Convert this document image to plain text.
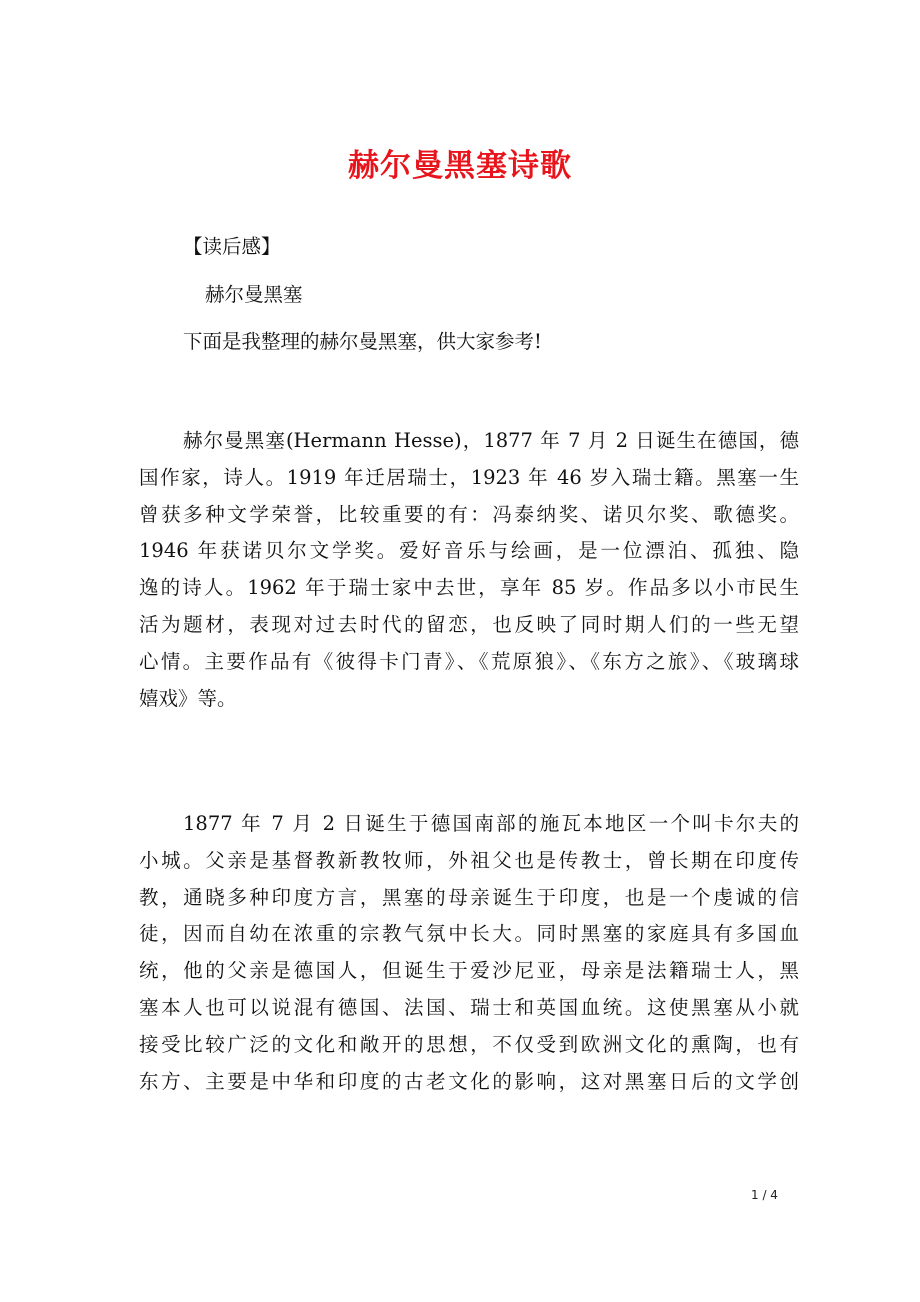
赫尔曼黑塞诗歌
【读后感】
赫尔曼黑塞
下面是我整理的赫尔曼黑塞，供大家参考!
赫尔曼黑塞(Hermann Hesse)，1877 年 7 月 2 日诞生在德国，德
国作家，诗人。1919 年迁居瑞士，1923 年 46 岁入瑞士籍。黑塞一生
曾获多种文学荣誉，比较重要的有：冯泰纳奖、诺贝尔奖、歌德奖。
1946 年获诺贝尔文学奖。爱好音乐与绘画，是一位漂泊、孤独、隐
逸的诗人。1962 年于瑞士家中去世，享年 85 岁。作品多以小市民生
活为题材，表现对过去时代的留恋，也反映了同时期人们的一些无望
心情。主要作品有《彼得卡门青》、《荒原狼》、《东方之旅》、《玻璃球
嬉戏》等。
1877 年 7 月 2 日诞生于德国南部的施瓦本地区一个叫卡尔夫的
小城。父亲是基督教新教牧师，外祖父也是传教士，曾长期在印度传
教，通晓多种印度方言，黑塞的母亲诞生于印度，也是一个虔诚的信
徒，因而自幼在浓重的宗教气氛中长大。同时黑塞的家庭具有多国血
统，他的父亲是德国人，但诞生于爱沙尼亚，母亲是法籍瑞士人，黑
塞本人也可以说混有德国、法国、瑞士和英国血统。这使黑塞从小就
接受比较广泛的文化和敞开的思想，不仅受到欧洲文化的熏陶，也有
东方、主要是中华和印度的古老文化的影响，这对黑塞日后的文学创
1 / 4
